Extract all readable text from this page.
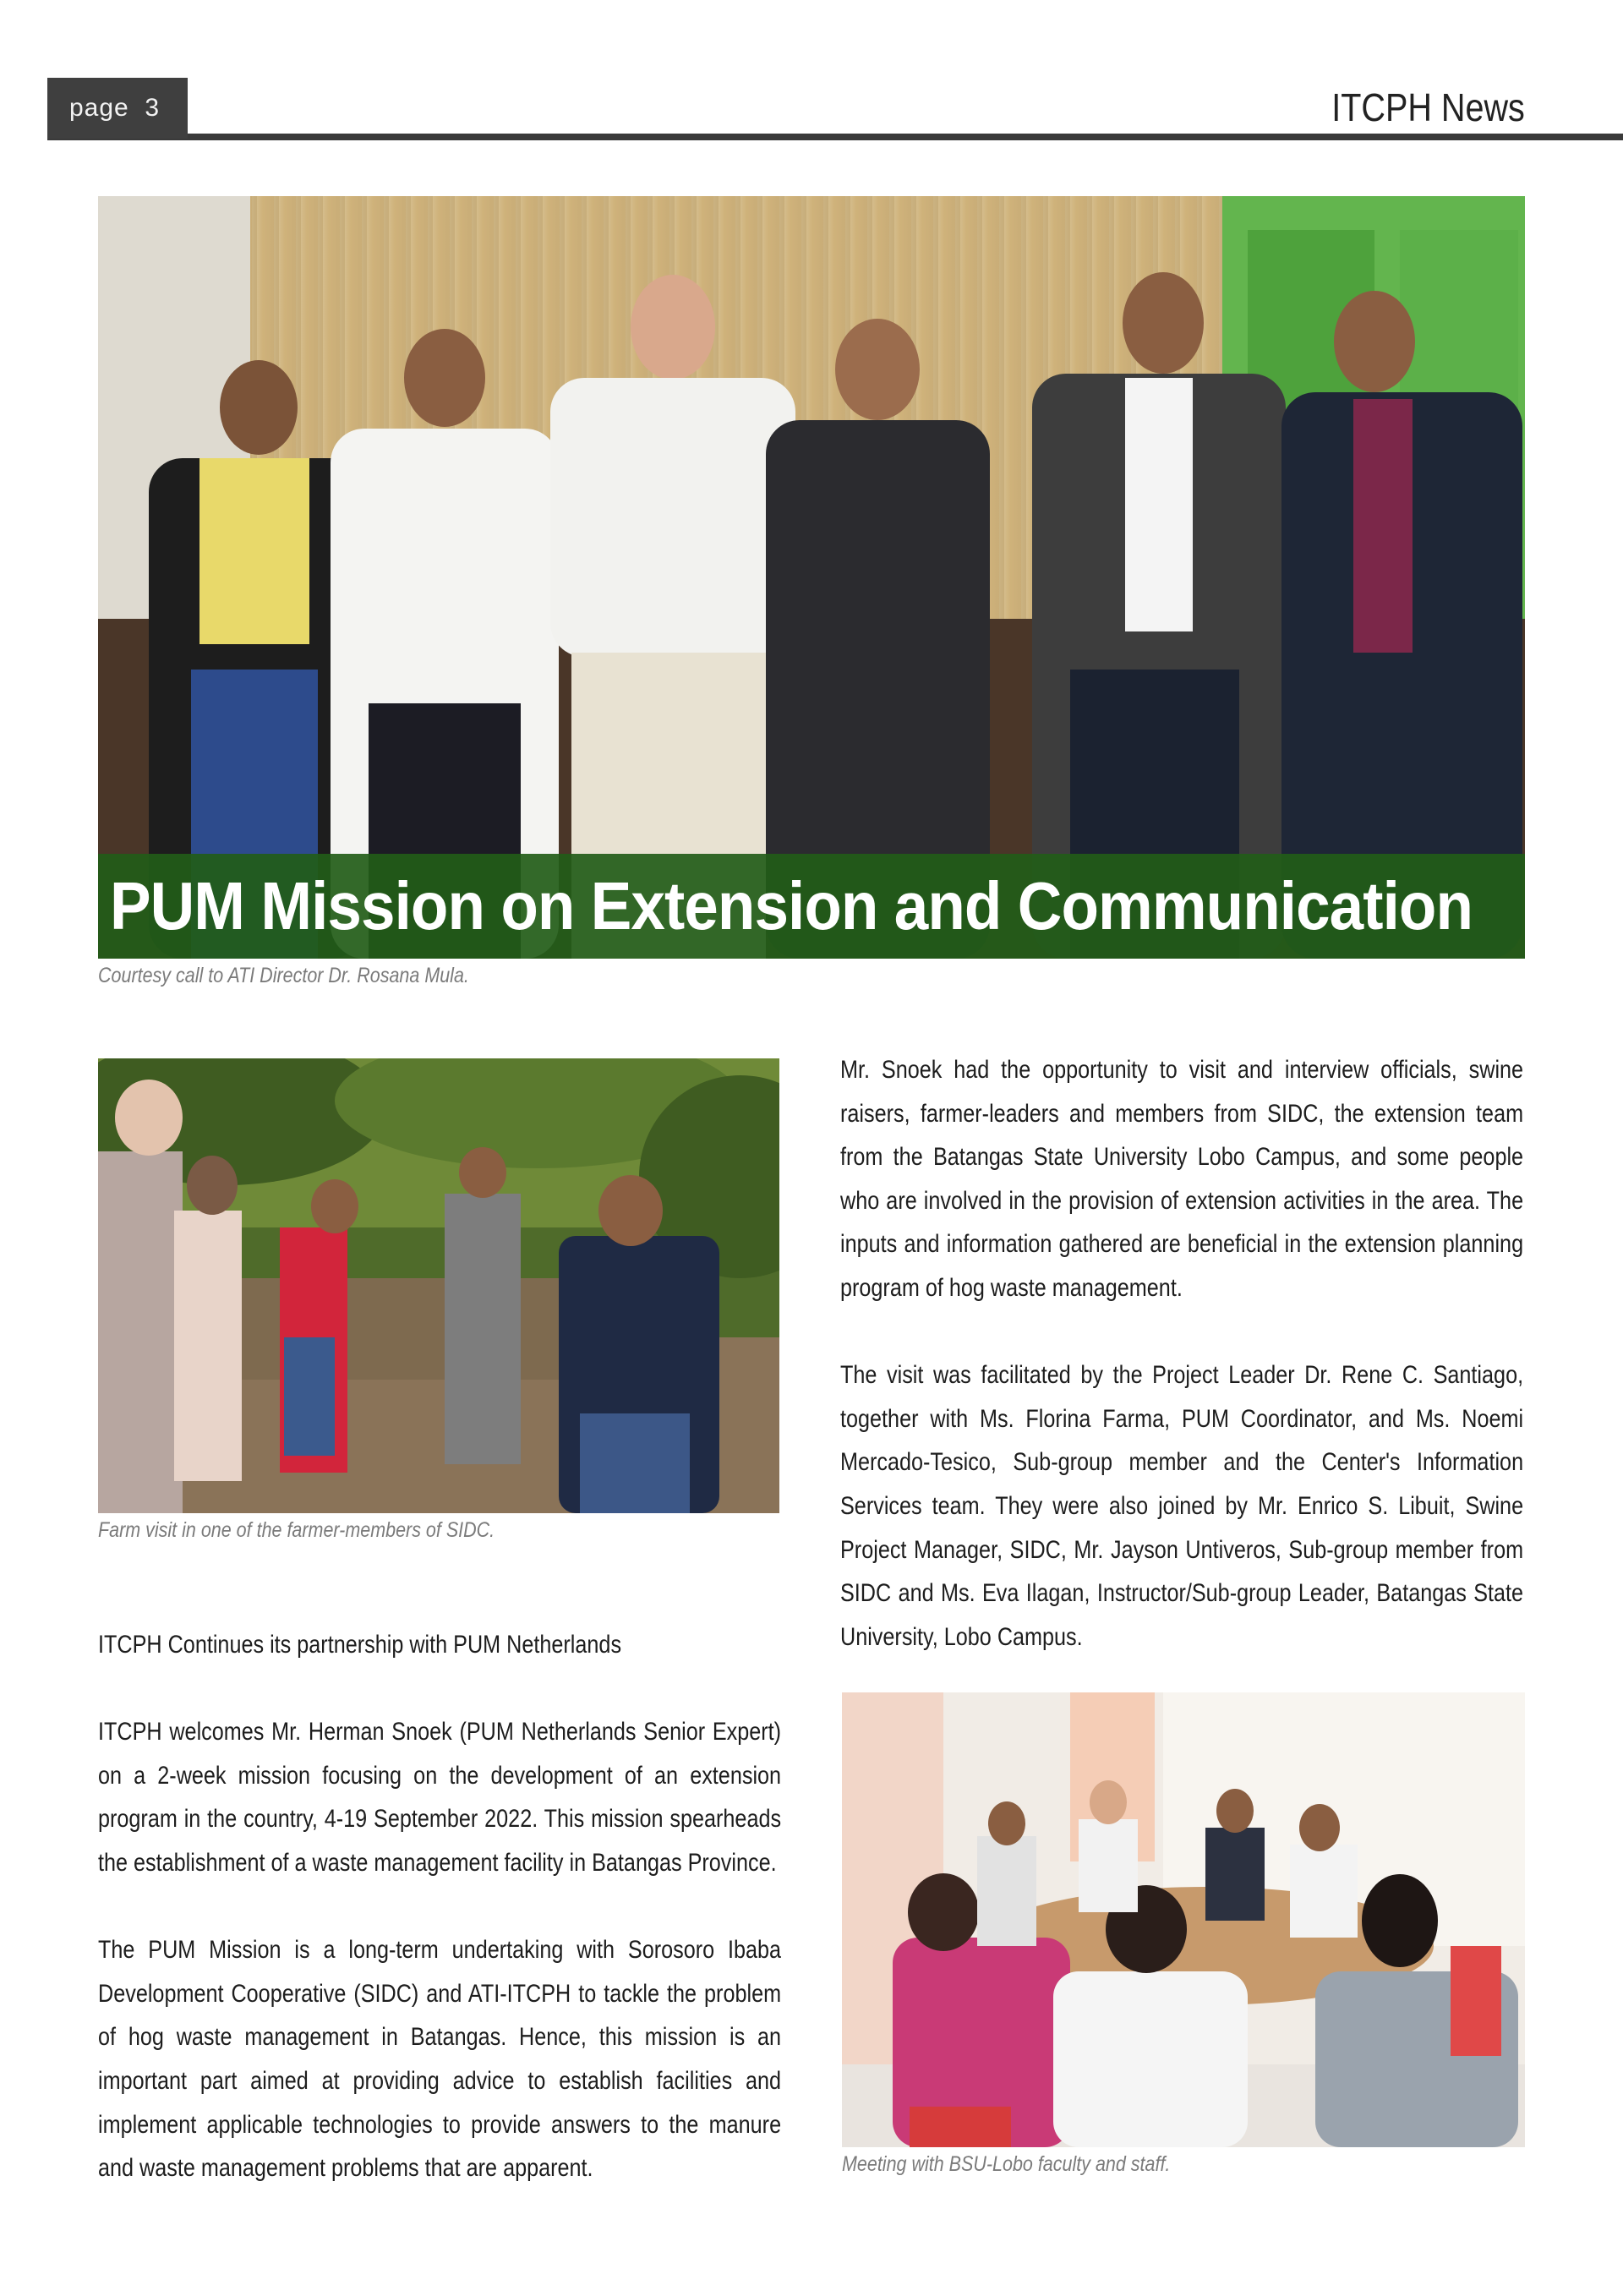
page  3	ITCPH News
PUM Mission on Extension and Communication
Courtesy call to ATI Director Dr. Rosana Mula.
Farm visit in one of the farmer-members of SIDC.
ITCPH Continues its partnership with PUM Netherlands
ITCPH welcomes Mr. Herman Snoek (PUM Netherlands Senior Expert) on a 2-week mission focusing on the development of an extension program in the country, 4-19 September 2022. This mission spearheads the establishment of a waste management facility in Batangas Province.
The PUM Mission is a long-term undertaking with Sorosoro Ibaba Development Cooperative (SIDC) and ATI-ITCPH to tackle the problem of hog waste management in Batangas. Hence, this mission is an important part aimed at providing advice to establish facilities and implement applicable technologies to provide answers to the manure and waste management problems that are apparent.
Mr. Snoek had the opportunity to visit and interview officials, swine raisers, farmer-leaders and members from SIDC, the extension team from the Batangas State University Lobo Campus, and some people who are involved in the provision of extension activities in the area. The inputs and information gathered are beneficial in the extension planning program of hog waste management.
The visit was facilitated by the Project Leader Dr. Rene C. Santiago, together with Ms. Florina Farma, PUM Coordinator, and Ms. Noemi Mercado-Tesico, Sub-group member and the Center's Information Services team. They were also joined by Mr. Enrico S. Libuit, Swine Project Manager, SIDC, Mr. Jayson Untiveros, Sub-group member from SIDC and Ms. Eva Ilagan, Instructor/Sub-group Leader, Batangas State University, Lobo Campus.
Meeting with BSU-Lobo faculty and staff.
